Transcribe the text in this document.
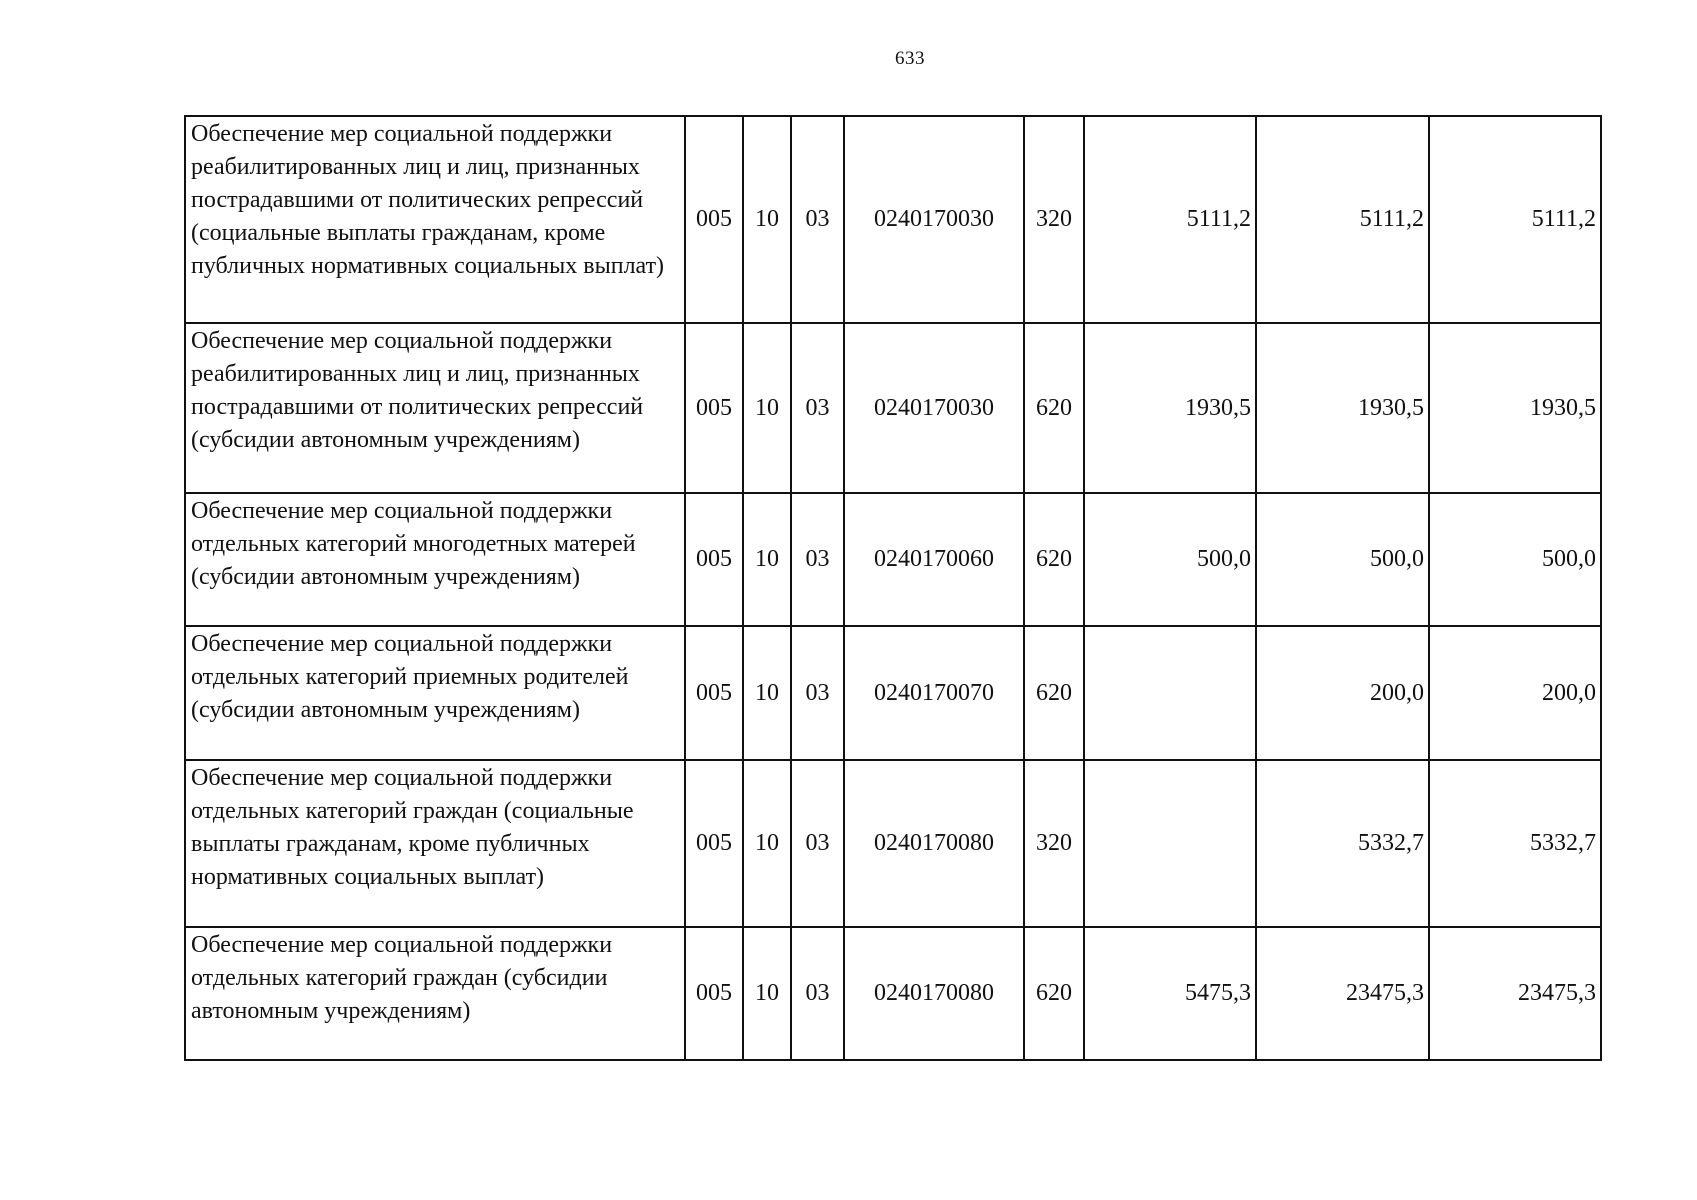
633
Обеспечение мер социальной поддержки реабилитированных лиц и лиц, признанных пострадавшими от политических репрессий (социальные выплаты гражданам, кроме публичных нормативных социальных выплат)	005	10	03	0240170030	320	5111,2	5111,2	5111,2
Обеспечение мер социальной поддержки реабилитированных лиц и лиц, признанных пострадавшими от политических репрессий (субсидии автономным учреждениям)	005	10	03	0240170030	620	1930,5	1930,5	1930,5
Обеспечение мер социальной поддержки отдельных категорий многодетных матерей (субсидии автономным учреждениям)	005	10	03	0240170060	620	500,0	500,0	500,0
Обеспечение мер социальной поддержки отдельных категорий приемных родителей (субсидии автономным учреждениям)	005	10	03	0240170070	620		200,0	200,0
Обеспечение мер социальной поддержки отдельных категорий граждан (социальные выплаты гражданам, кроме публичных нормативных социальных выплат)	005	10	03	0240170080	320		5332,7	5332,7
Обеспечение мер социальной поддержки отдельных категорий граждан (субсидии автономным учреждениям)	005	10	03	0240170080	620	5475,3	23475,3	23475,3
